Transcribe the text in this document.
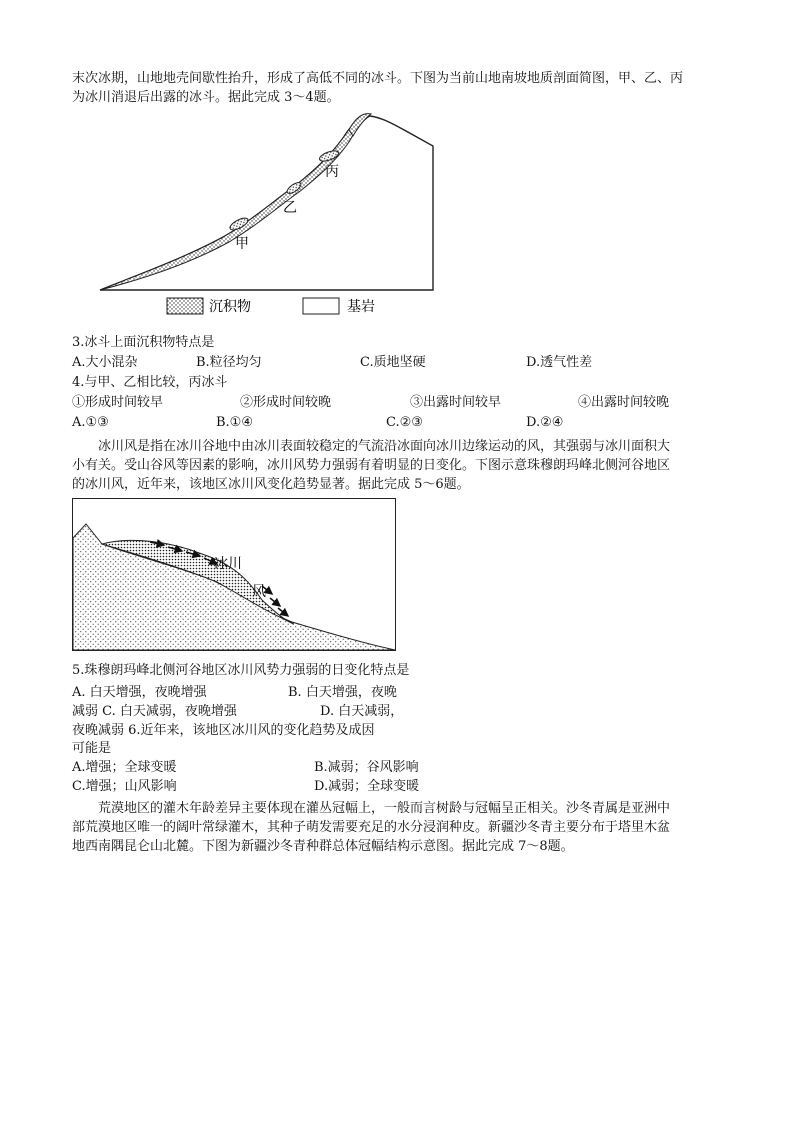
末次冰期，山地地壳间歇性抬升，形成了高低不同的冰斗。下图为当前山地南坡地质剖面简图，甲、乙、丙
为冰川消退后出露的冰斗。据此完成 3～4题。
甲
乙
丙
沉积物	基岩
3.冰斗上面沉积物特点是
A.大小混杂	B.粒径均匀	C.质地坚硬	D.透气性差
4.与甲、乙相比较，丙冰斗
①形成时间较早	②形成时间较晚	③出露时间较早	④出露时间较晚
A.①③	B.①④	C.②③	D.②④
冰川风是指在冰川谷地中由冰川表面较稳定的气流沿冰面向冰川边缘运动的风，其强弱与冰川面积大
小有关。受山谷风等因素的影响，冰川风势力强弱有着明显的日变化。下图示意珠穆朗玛峰北侧河谷地区
的冰川风，近年来，该地区冰川风变化趋势显著。据此完成 5～6题。
冰川
风
5.珠穆朗玛峰北侧河谷地区冰川风势力强弱的日变化特点是
A. 白天增强，夜晚增强	B. 白天增强，夜晚
减弱 C. 白天减弱，夜晚增强	D. 白天减弱，
夜晚减弱 6.近年来，该地区冰川风的变化趋势及成因
可能是
A.增强；全球变暖	B.减弱；谷风影响
C.增强；山风影响	D.减弱；全球变暖
荒漠地区的灌木年龄差异主要体现在灌丛冠幅上，一般而言树龄与冠幅呈正相关。沙冬青属是亚洲中
部荒漠地区唯一的阔叶常绿灌木，其种子萌发需要充足的水分浸润种皮。新疆沙冬青主要分布于塔里木盆
地西南隅昆仑山北麓。下图为新疆沙冬青种群总体冠幅结构示意图。据此完成 7～8题。
